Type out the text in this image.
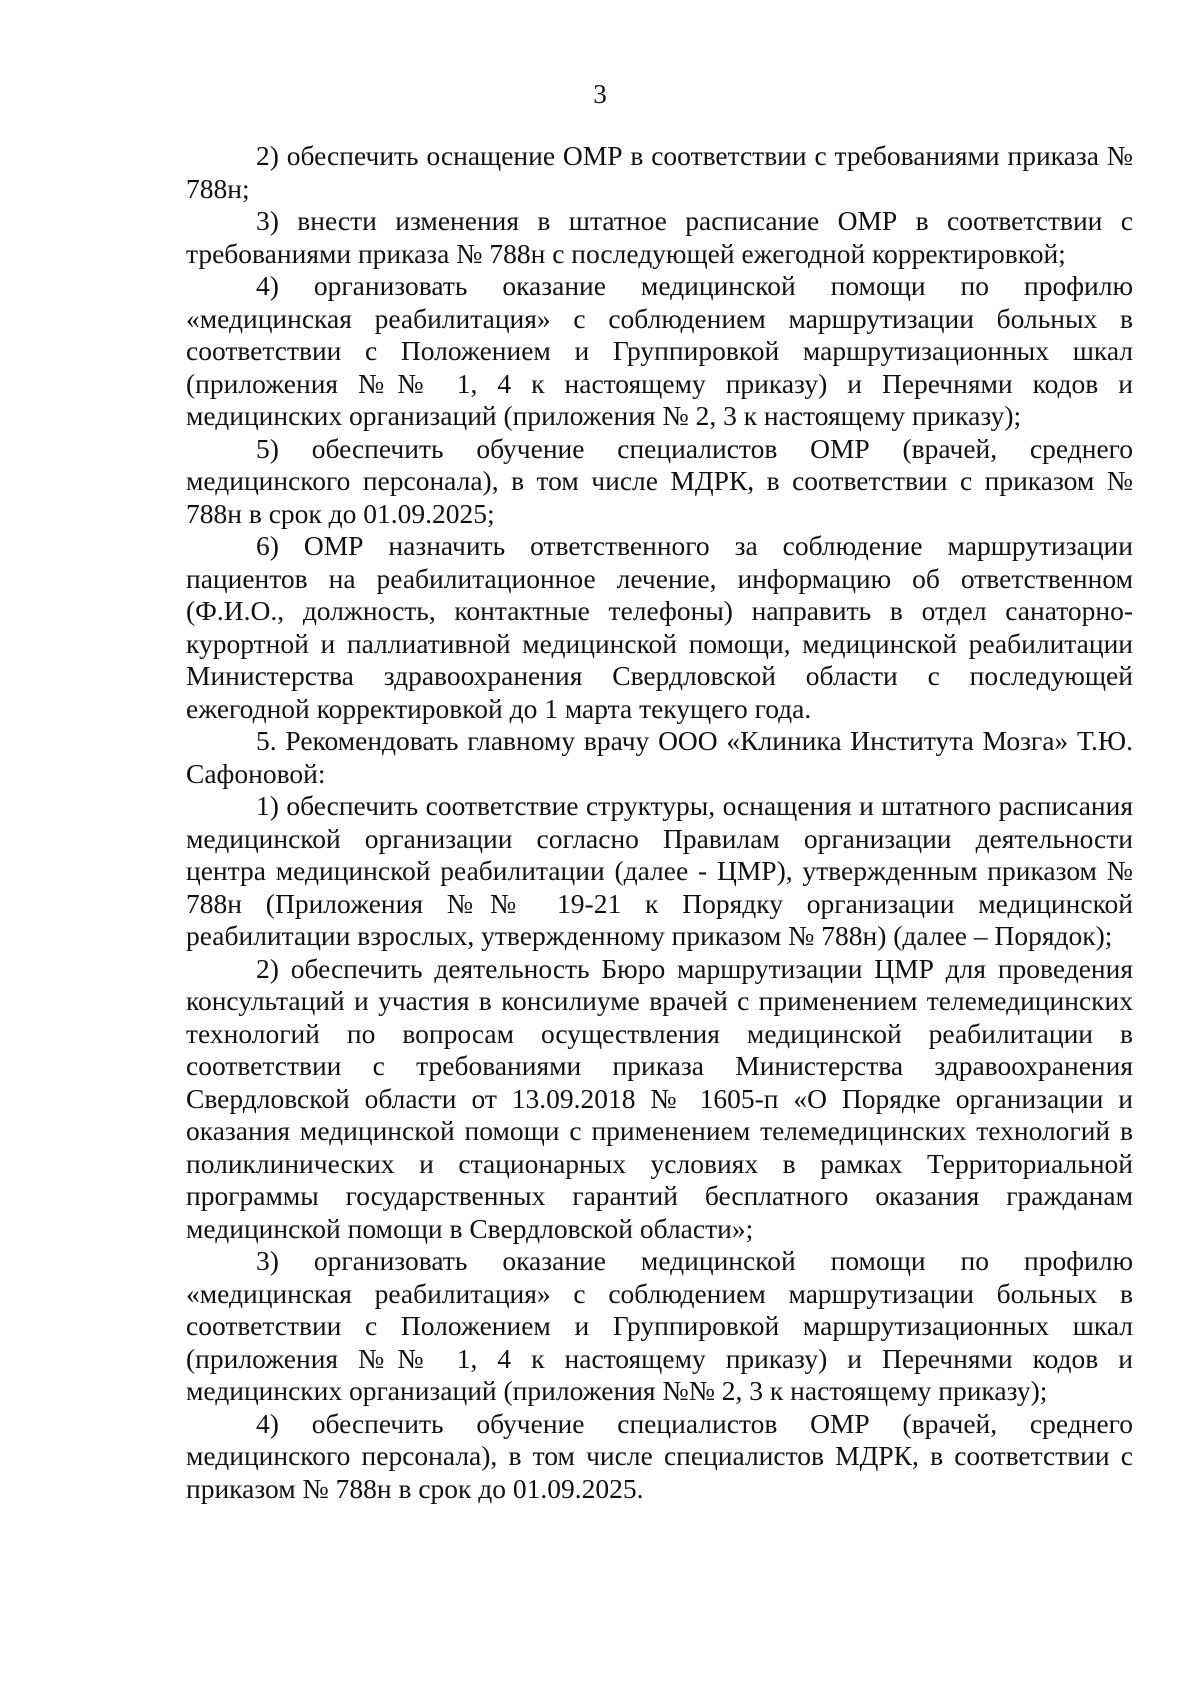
3

2) обеспечить оснащение ОМР в соответствии с требованиями приказа № 788н;

3) внести изменения в штатное расписание ОМР в соответствии с требованиями приказа № 788н с последующей ежегодной корректировкой;

4) организовать оказание медицинской помощи по профилю «медицинская реабилитация» с соблюдением маршрутизации больных в соответствии с Положением и Группировкой маршрутизационных шкал (приложения №№ 1, 4 к настоящему приказу) и Перечнями кодов и медицинских организаций (приложения № 2, 3 к настоящему приказу);

5) обеспечить обучение специалистов ОМР (врачей, среднего медицинского персонала), в том числе МДРК, в соответствии с приказом № 788н в срок до 01.09.2025;

6) ОМР назначить ответственного за соблюдение маршрутизации пациентов на реабилитационное лечение, информацию об ответственном (Ф.И.О., должность, контактные телефоны) направить в отдел санаторно-курортной и паллиативной медицинской помощи, медицинской реабилитации Министерства здравоохранения Свердловской области с последующей ежегодной корректировкой до 1 марта текущего года.

5. Рекомендовать главному врачу ООО «Клиника Института Мозга» Т.Ю. Сафоновой:

1) обеспечить соответствие структуры, оснащения и штатного расписания медицинской организации согласно Правилам организации деятельности центра медицинской реабилитации (далее - ЦМР), утвержденным приказом № 788н (Приложения №№ 19-21 к Порядку организации медицинской реабилитации взрослых, утвержденному приказом № 788н) (далее – Порядок);

2) обеспечить деятельность Бюро маршрутизации ЦМР для проведения консультаций и участия в консилиуме врачей с применением телемедицинских технологий по вопросам осуществления медицинской реабилитации в соответствии с требованиями приказа Министерства здравоохранения Свердловской области от 13.09.2018 № 1605-п «О Порядке организации и оказания медицинской помощи с применением телемедицинских технологий в поликлинических и стационарных условиях в рамках Территориальной программы государственных гарантий бесплатного оказания гражданам медицинской помощи в Свердловской области»;

3) организовать оказание медицинской помощи по профилю «медицинская реабилитация» с соблюдением маршрутизации больных в соответствии с Положением и Группировкой маршрутизационных шкал (приложения №№ 1, 4 к настоящему приказу) и Перечнями кодов и медицинских организаций (приложения №№ 2, 3 к настоящему приказу);

4) обеспечить обучение специалистов ОМР (врачей, среднего медицинского персонала), в том числе специалистов МДРК, в соответствии с приказом № 788н в срок до 01.09.2025.
